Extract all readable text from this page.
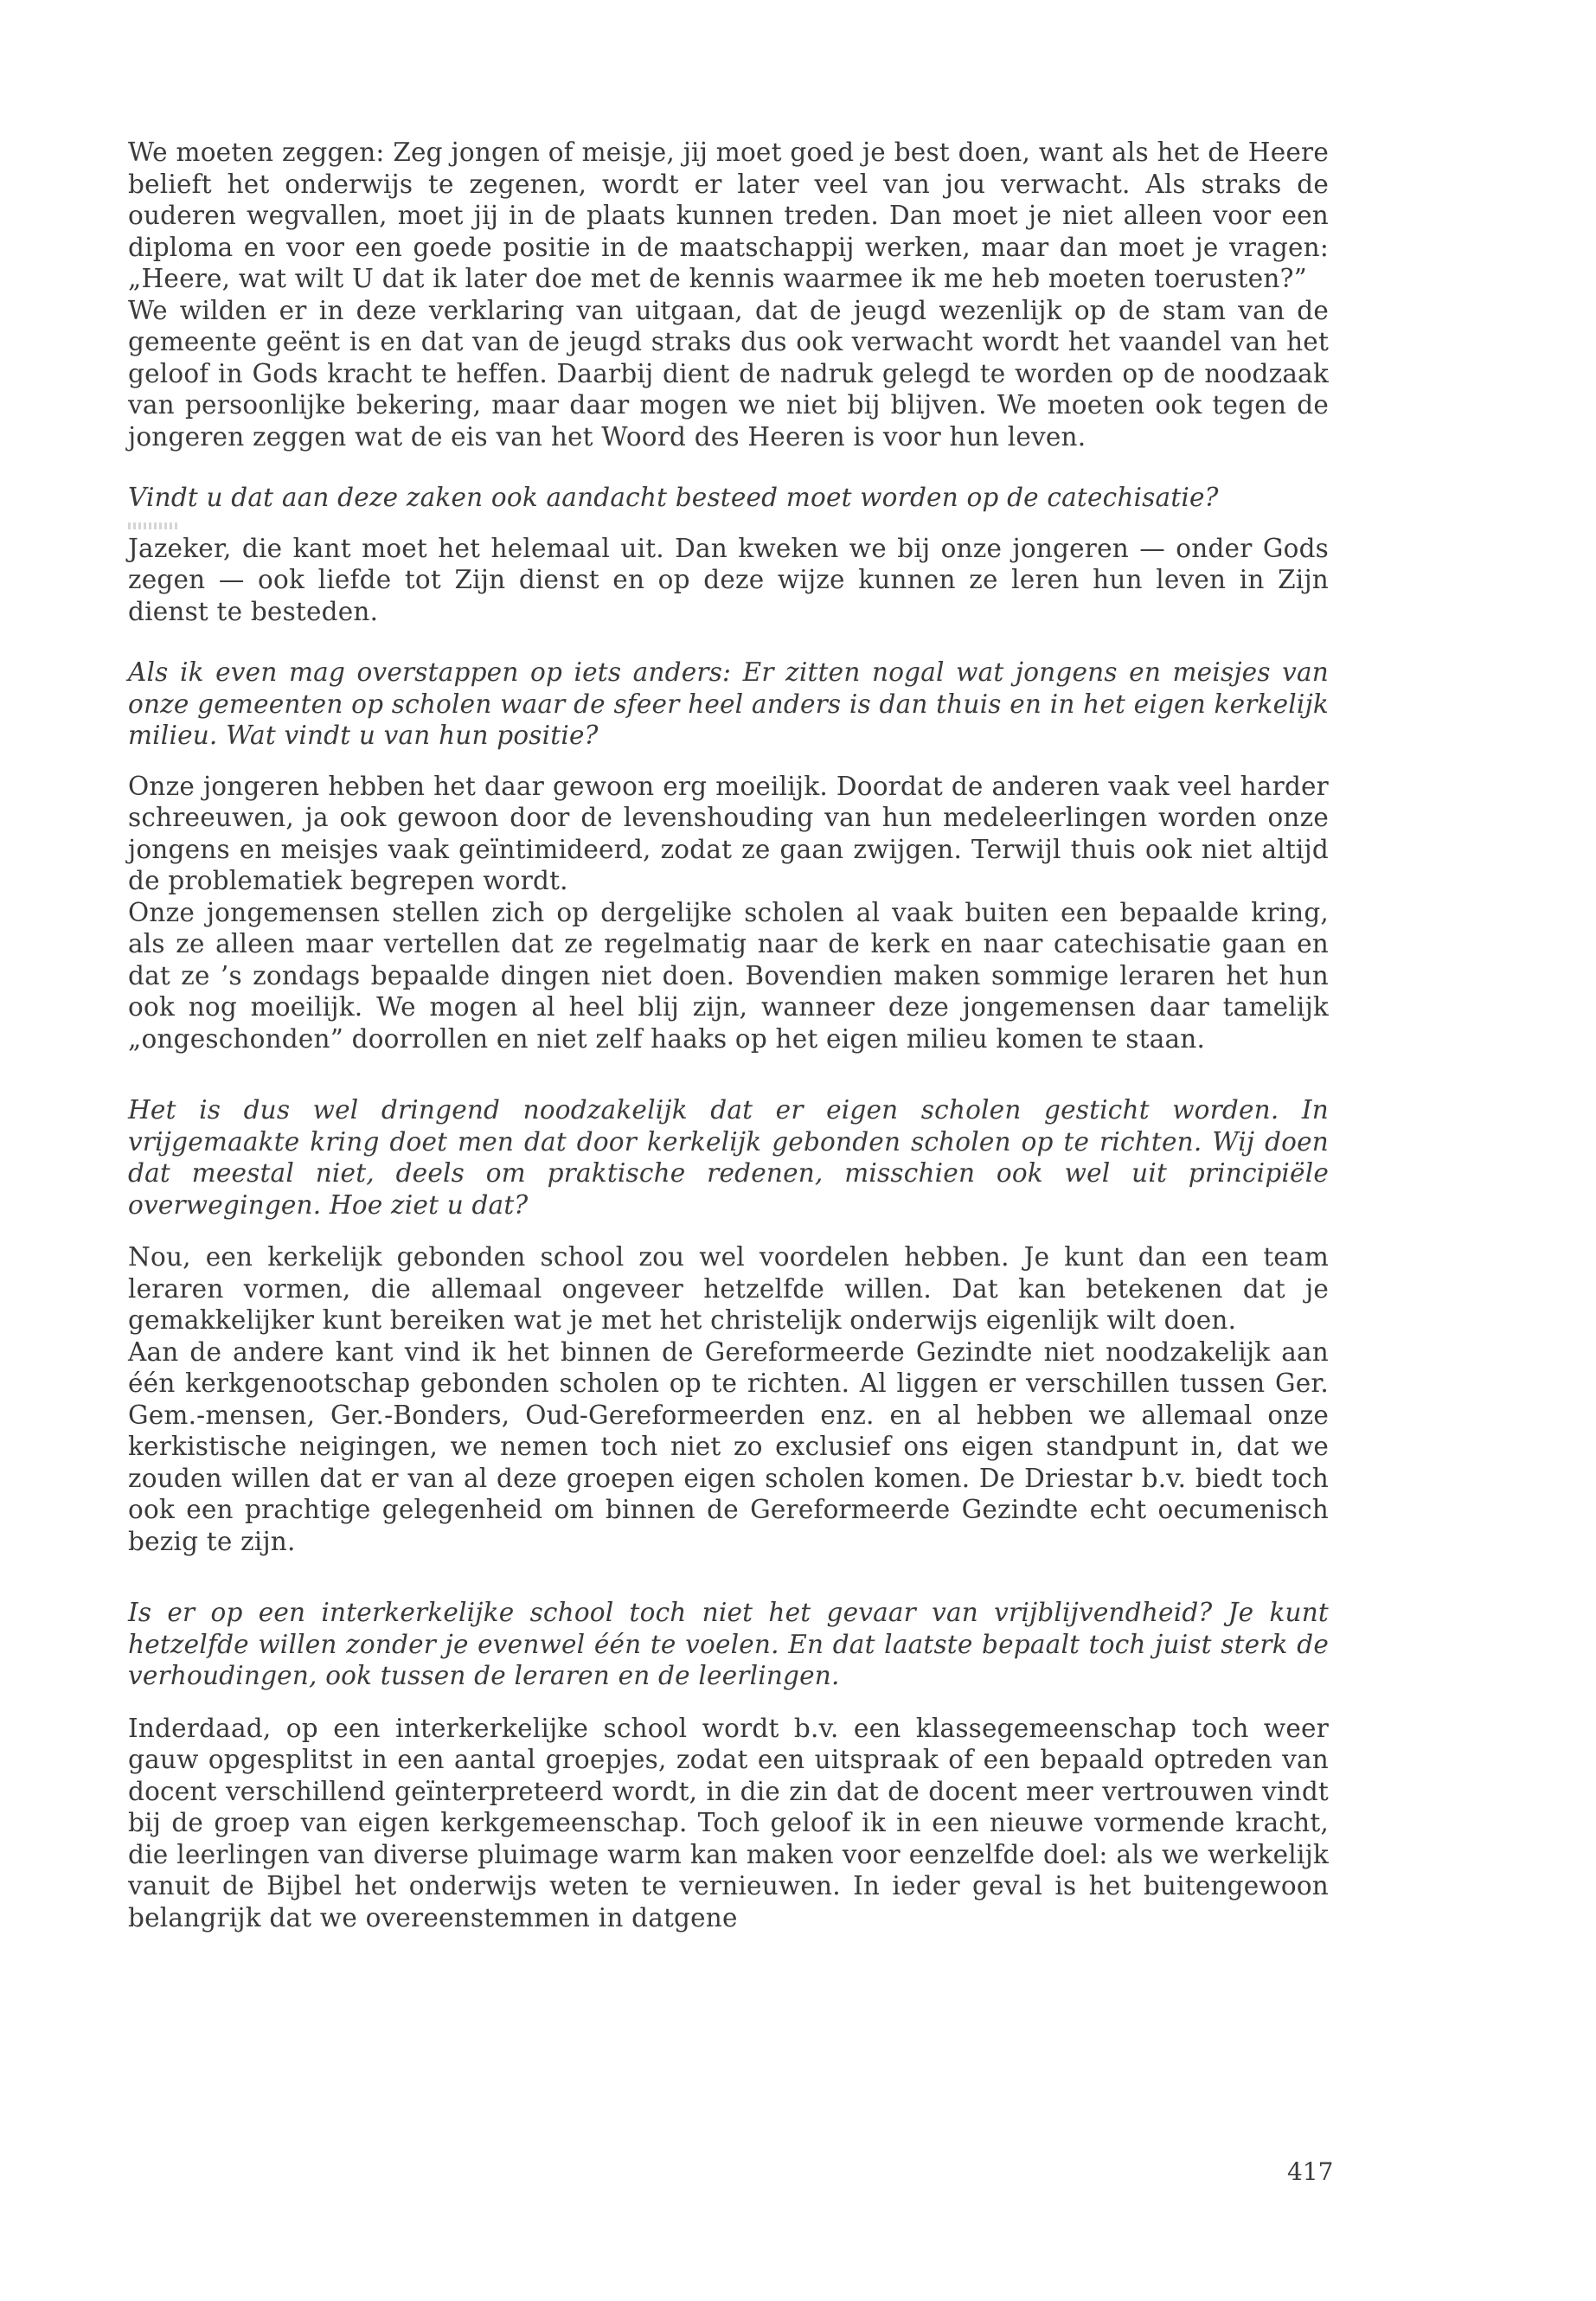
We moeten zeggen: Zeg jongen of meisje, jij moet goed je best doen, want als het de Heere belieft het onderwijs te zegenen, wordt er later veel van jou verwacht. Als straks de ouderen wegvallen, moet jij in de plaats kunnen treden. Dan moet je niet alleen voor een diploma en voor een goede positie in de maatschappij werken, maar dan moet je vragen: „Heere, wat wilt U dat ik later doe met de kennis waarmee ik me heb moeten toerusten?”

We wilden er in deze verklaring van uitgaan, dat de jeugd wezenlijk op de stam van de gemeente geënt is en dat van de jeugd straks dus ook verwacht wordt het vaandel van het geloof in Gods kracht te heffen. Daarbij dient de nadruk gelegd te worden op de noodzaak van persoonlijke bekering, maar daar mogen we niet bij blijven. We moeten ook tegen de jongeren zeggen wat de eis van het Woord des Heeren is voor hun leven.

Vindt u dat aan deze zaken ook aandacht besteed moet worden op de catechisatie?

Jazeker, die kant moet het helemaal uit. Dan kweken we bij onze jongeren — onder Gods zegen — ook liefde tot Zijn dienst en op deze wijze kunnen ze leren hun leven in Zijn dienst te besteden.

Als ik even mag overstappen op iets anders: Er zitten nogal wat jongens en meisjes van onze gemeenten op scholen waar de sfeer heel anders is dan thuis en in het eigen kerkelijk milieu. Wat vindt u van hun positie?

Onze jongeren hebben het daar gewoon erg moeilijk. Doordat de anderen vaak veel harder schreeuwen, ja ook gewoon door de levenshouding van hun medeleerlingen worden onze jongens en meisjes vaak geïntimideerd, zodat ze gaan zwijgen. Terwijl thuis ook niet altijd de problematiek begrepen wordt.

Onze jongemensen stellen zich op dergelijke scholen al vaak buiten een bepaalde kring, als ze alleen maar vertellen dat ze regelmatig naar de kerk en naar catechisatie gaan en dat ze ’s zondags bepaalde dingen niet doen. Bovendien maken sommige leraren het hun ook nog moeilijk. We mogen al heel blij zijn, wanneer deze jongemensen daar tamelijk „ongeschonden” doorrollen en niet zelf haaks op het eigen milieu komen te staan.

Het is dus wel dringend noodzakelijk dat er eigen scholen gesticht worden. In vrijgemaakte kring doet men dat door kerkelijk gebonden scholen op te richten. Wij doen dat meestal niet, deels om praktische redenen, misschien ook wel uit principiële overwegingen. Hoe ziet u dat?

Nou, een kerkelijk gebonden school zou wel voordelen hebben. Je kunt dan een team leraren vormen, die allemaal ongeveer hetzelfde willen. Dat kan betekenen dat je gemakkelijker kunt bereiken wat je met het christelijk onderwijs eigenlijk wilt doen.

Aan de andere kant vind ik het binnen de Gereformeerde Gezindte niet noodzakelijk aan één kerkgenootschap gebonden scholen op te richten. Al liggen er verschillen tussen Ger. Gem.-mensen, Ger.-Bonders, Oud-Gereformeerden enz. en al hebben we allemaal onze kerkistische neigingen, we nemen toch niet zo exclusief ons eigen standpunt in, dat we zouden willen dat er van al deze groepen eigen scholen komen. De Driestar b.v. biedt toch ook een prachtige gelegenheid om binnen de Gereformeerde Gezindte echt oecumenisch bezig te zijn.

Is er op een interkerkelijke school toch niet het gevaar van vrijblijvendheid? Je kunt hetzelfde willen zonder je evenwel één te voelen. En dat laatste bepaalt toch juist sterk de verhoudingen, ook tussen de leraren en de leerlingen.

Inderdaad, op een interkerkelijke school wordt b.v. een klassegemeenschap toch weer gauw opgesplitst in een aantal groepjes, zodat een uitspraak of een bepaald optreden van docent verschillend geïnterpreteerd wordt, in die zin dat de docent meer vertrouwen vindt bij de groep van eigen kerkgemeenschap. Toch geloof ik in een nieuwe vormende kracht, die leerlingen van diverse pluimage warm kan maken voor eenzelfde doel: als we werkelijk vanuit de Bijbel het onderwijs weten te vernieuwen. In ieder geval is het buitengewoon belangrijk dat we overeenstemmen in datgene

417
